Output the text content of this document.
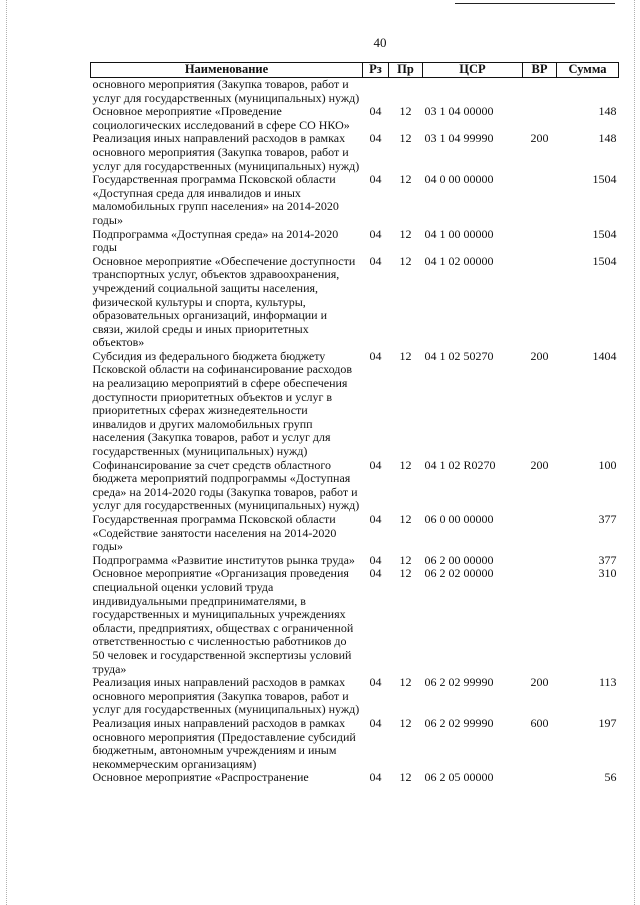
40
Наименование	Рз	Пр	ЦСР	ВР	Сумма
основного мероприятия (Закупка товаров, работ и услуг для государственных (муниципальных) нужд)					
Основное мероприятие «Проведение социологических исследований в сфере СО НКО»	04	12	03 1 04 00000		148
Реализация иных направлений расходов в рамках основного мероприятия (Закупка товаров, работ и услуг для государственных (муниципальных) нужд)	04	12	03 1 04 99990	200	148
Государственная программа Псковской области «Доступная среда для инвалидов и иных маломобильных групп населения» на 2014-2020 годы»	04	12	04 0 00 00000		1504
Подпрограмма «Доступная среда» на 2014-2020 годы	04	12	04 1 00 00000		1504
Основное мероприятие «Обеспечение доступности транспортных услуг, объектов здравоохранения, учреждений социальной защиты населения, физической культуры и спорта, культуры, образовательных организаций, информации и связи, жилой среды и иных приоритетных объектов»	04	12	04 1 02 00000		1504
Субсидия из федерального бюджета бюджету Псковской области на софинансирование расходов на реализацию мероприятий в сфере обеспечения доступности приоритетных объектов и услуг в приоритетных сферах жизнедеятельности инвалидов и других маломобильных групп населения (Закупка товаров, работ и услуг для государственных (муниципальных) нужд)	04	12	04 1 02 50270	200	1404
Софинансирование за счет средств областного бюджета мероприятий подпрограммы «Доступная среда» на 2014-2020 годы (Закупка товаров, работ и услуг для государственных (муниципальных) нужд)	04	12	04 1 02 R0270	200	100
Государственная программа Псковской области «Содействие занятости населения на 2014-2020 годы»	04	12	06 0 00 00000		377
Подпрограмма «Развитие институтов рынка труда»	04	12	06 2 00 00000		377
Основное мероприятие «Организация проведения специальной оценки условий труда индивидуальными предпринимателями, в государственных и муниципальных учреждениях области, предприятиях, обществах с ограниченной ответственностью с численностью работников до 50 человек и государственной экспертизы условий труда»	04	12	06 2 02 00000		310
Реализация иных направлений расходов в рамках основного мероприятия (Закупка товаров, работ и услуг для государственных (муниципальных) нужд)	04	12	06 2 02 99990	200	113
Реализация иных направлений расходов в рамках основного мероприятия (Предоставление субсидий бюджетным, автономным учреждениям и иным некоммерческим организациям)	04	12	06 2 02 99990	600	197
Основное мероприятие «Распространение	04	12	06 2 05 00000		56
